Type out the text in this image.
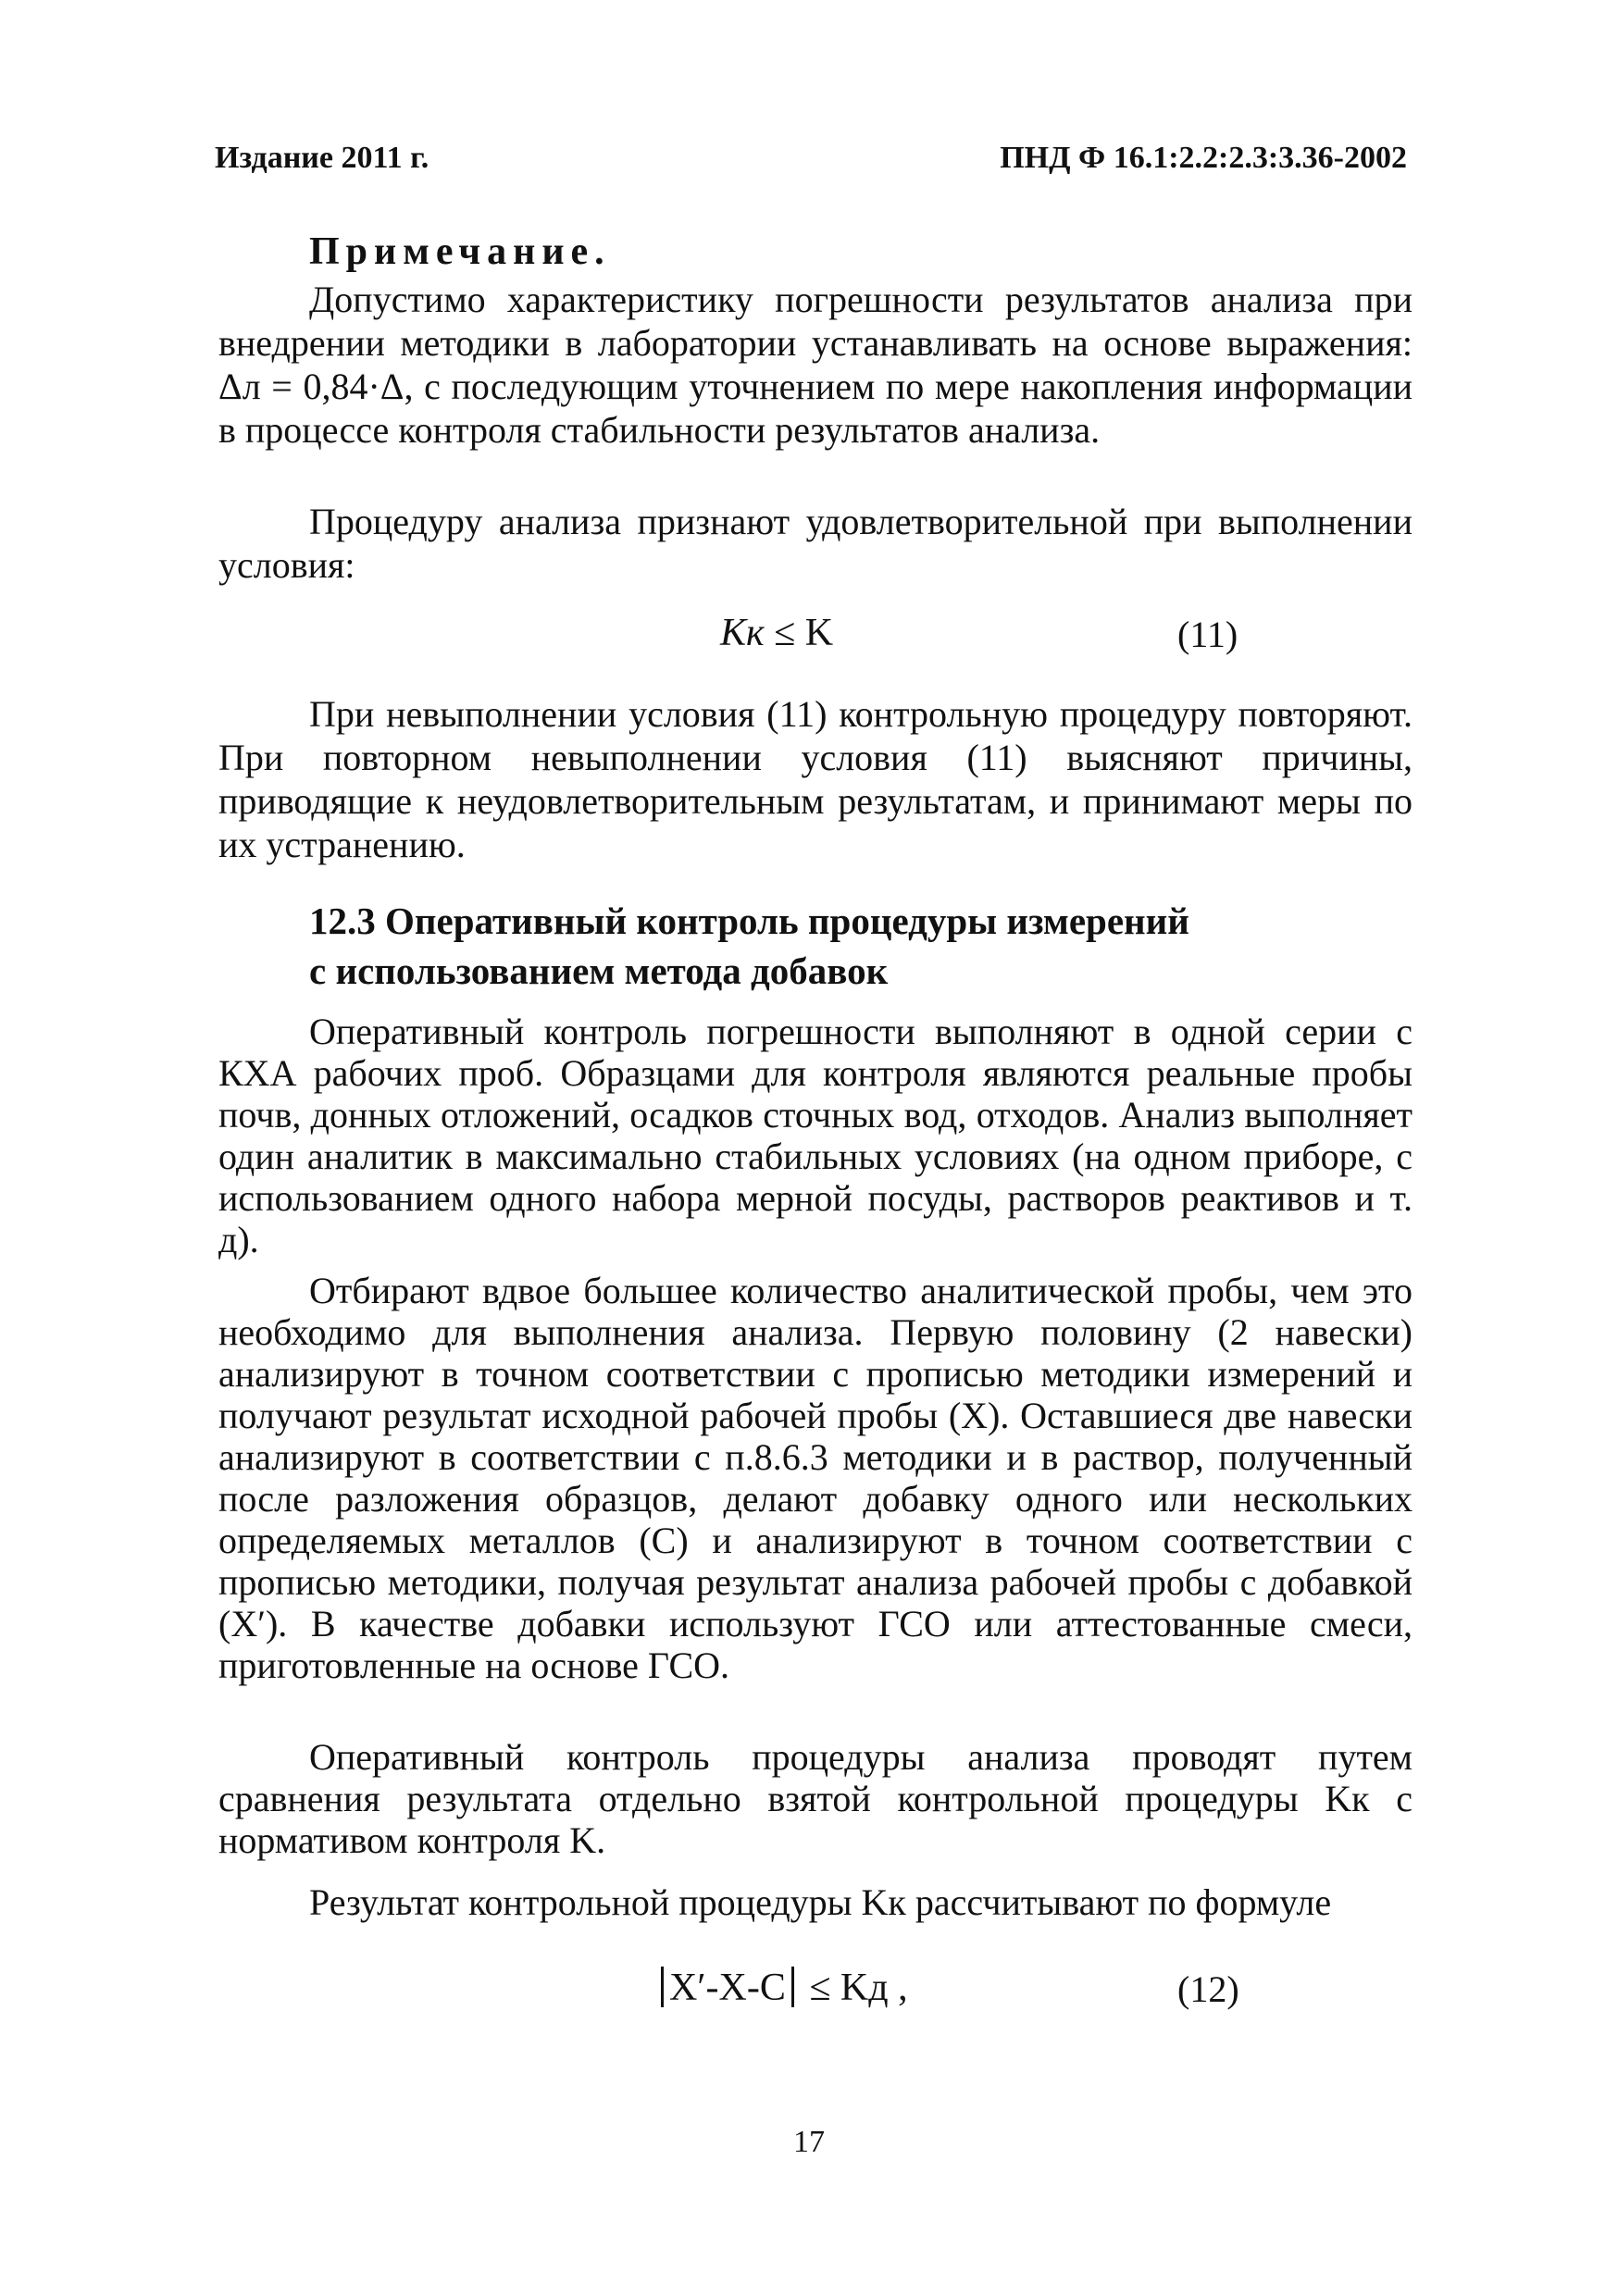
Издание 2011 г.	ПНД Ф 16.1:2.2:2.3:3.36-2002
Примечание.

Допустимо характеристику погрешности результатов анализа при внедрении методики в лаборатории устанавливать на основе выражения: Δл = 0,84·Δ, с последующим уточнением по мере накопления информации в процессе контроля стабильности результатов анализа.

Процедуру анализа признают удовлетворительной при выполнении условия:

Kк ≤ K	(11)

При невыполнении условия (11) контрольную процедуру повторяют. При повторном невыполнении условия (11) выясняют причины, приводящие к неудовлетворительным результатам, и принимают меры по их устранению.

12.3 Оперативный контроль процедуры измерений
с использованием метода добавок

Оперативный контроль погрешности выполняют в одной серии с КХА рабочих проб. Образцами для контроля являются реальные пробы почв, донных отложений, осадков сточных вод, отходов. Анализ выполняет один аналитик в максимально стабильных условиях (на одном приборе, с использованием одного набора мерной посуды, растворов реактивов и т. д).

Отбирают вдвое большее количество аналитической пробы, чем это необходимо для выполнения анализа. Первую половину (2 навески) анализируют в точном соответствии с прописью методики измерений и получают результат исходной рабочей пробы (X). Оставшиеся две навески анализируют в соответствии с п.8.6.3 методики и в раствор, полученный после разложения образцов, делают добавку одного или нескольких определяемых металлов (С) и анализируют в точном соответствии с прописью методики, получая результат анализа рабочей пробы с добавкой (X′). В качестве добавки используют ГСО или аттестованные смеси, приготовленные на основе ГСО.

Оперативный контроль процедуры анализа проводят путем сравнения результата отдельно взятой контрольной процедуры Kк с нормативом контроля K.

Результат контрольной процедуры Kк рассчитывают по формуле

X′-X-C ≤ Kд ,	(12)
17
